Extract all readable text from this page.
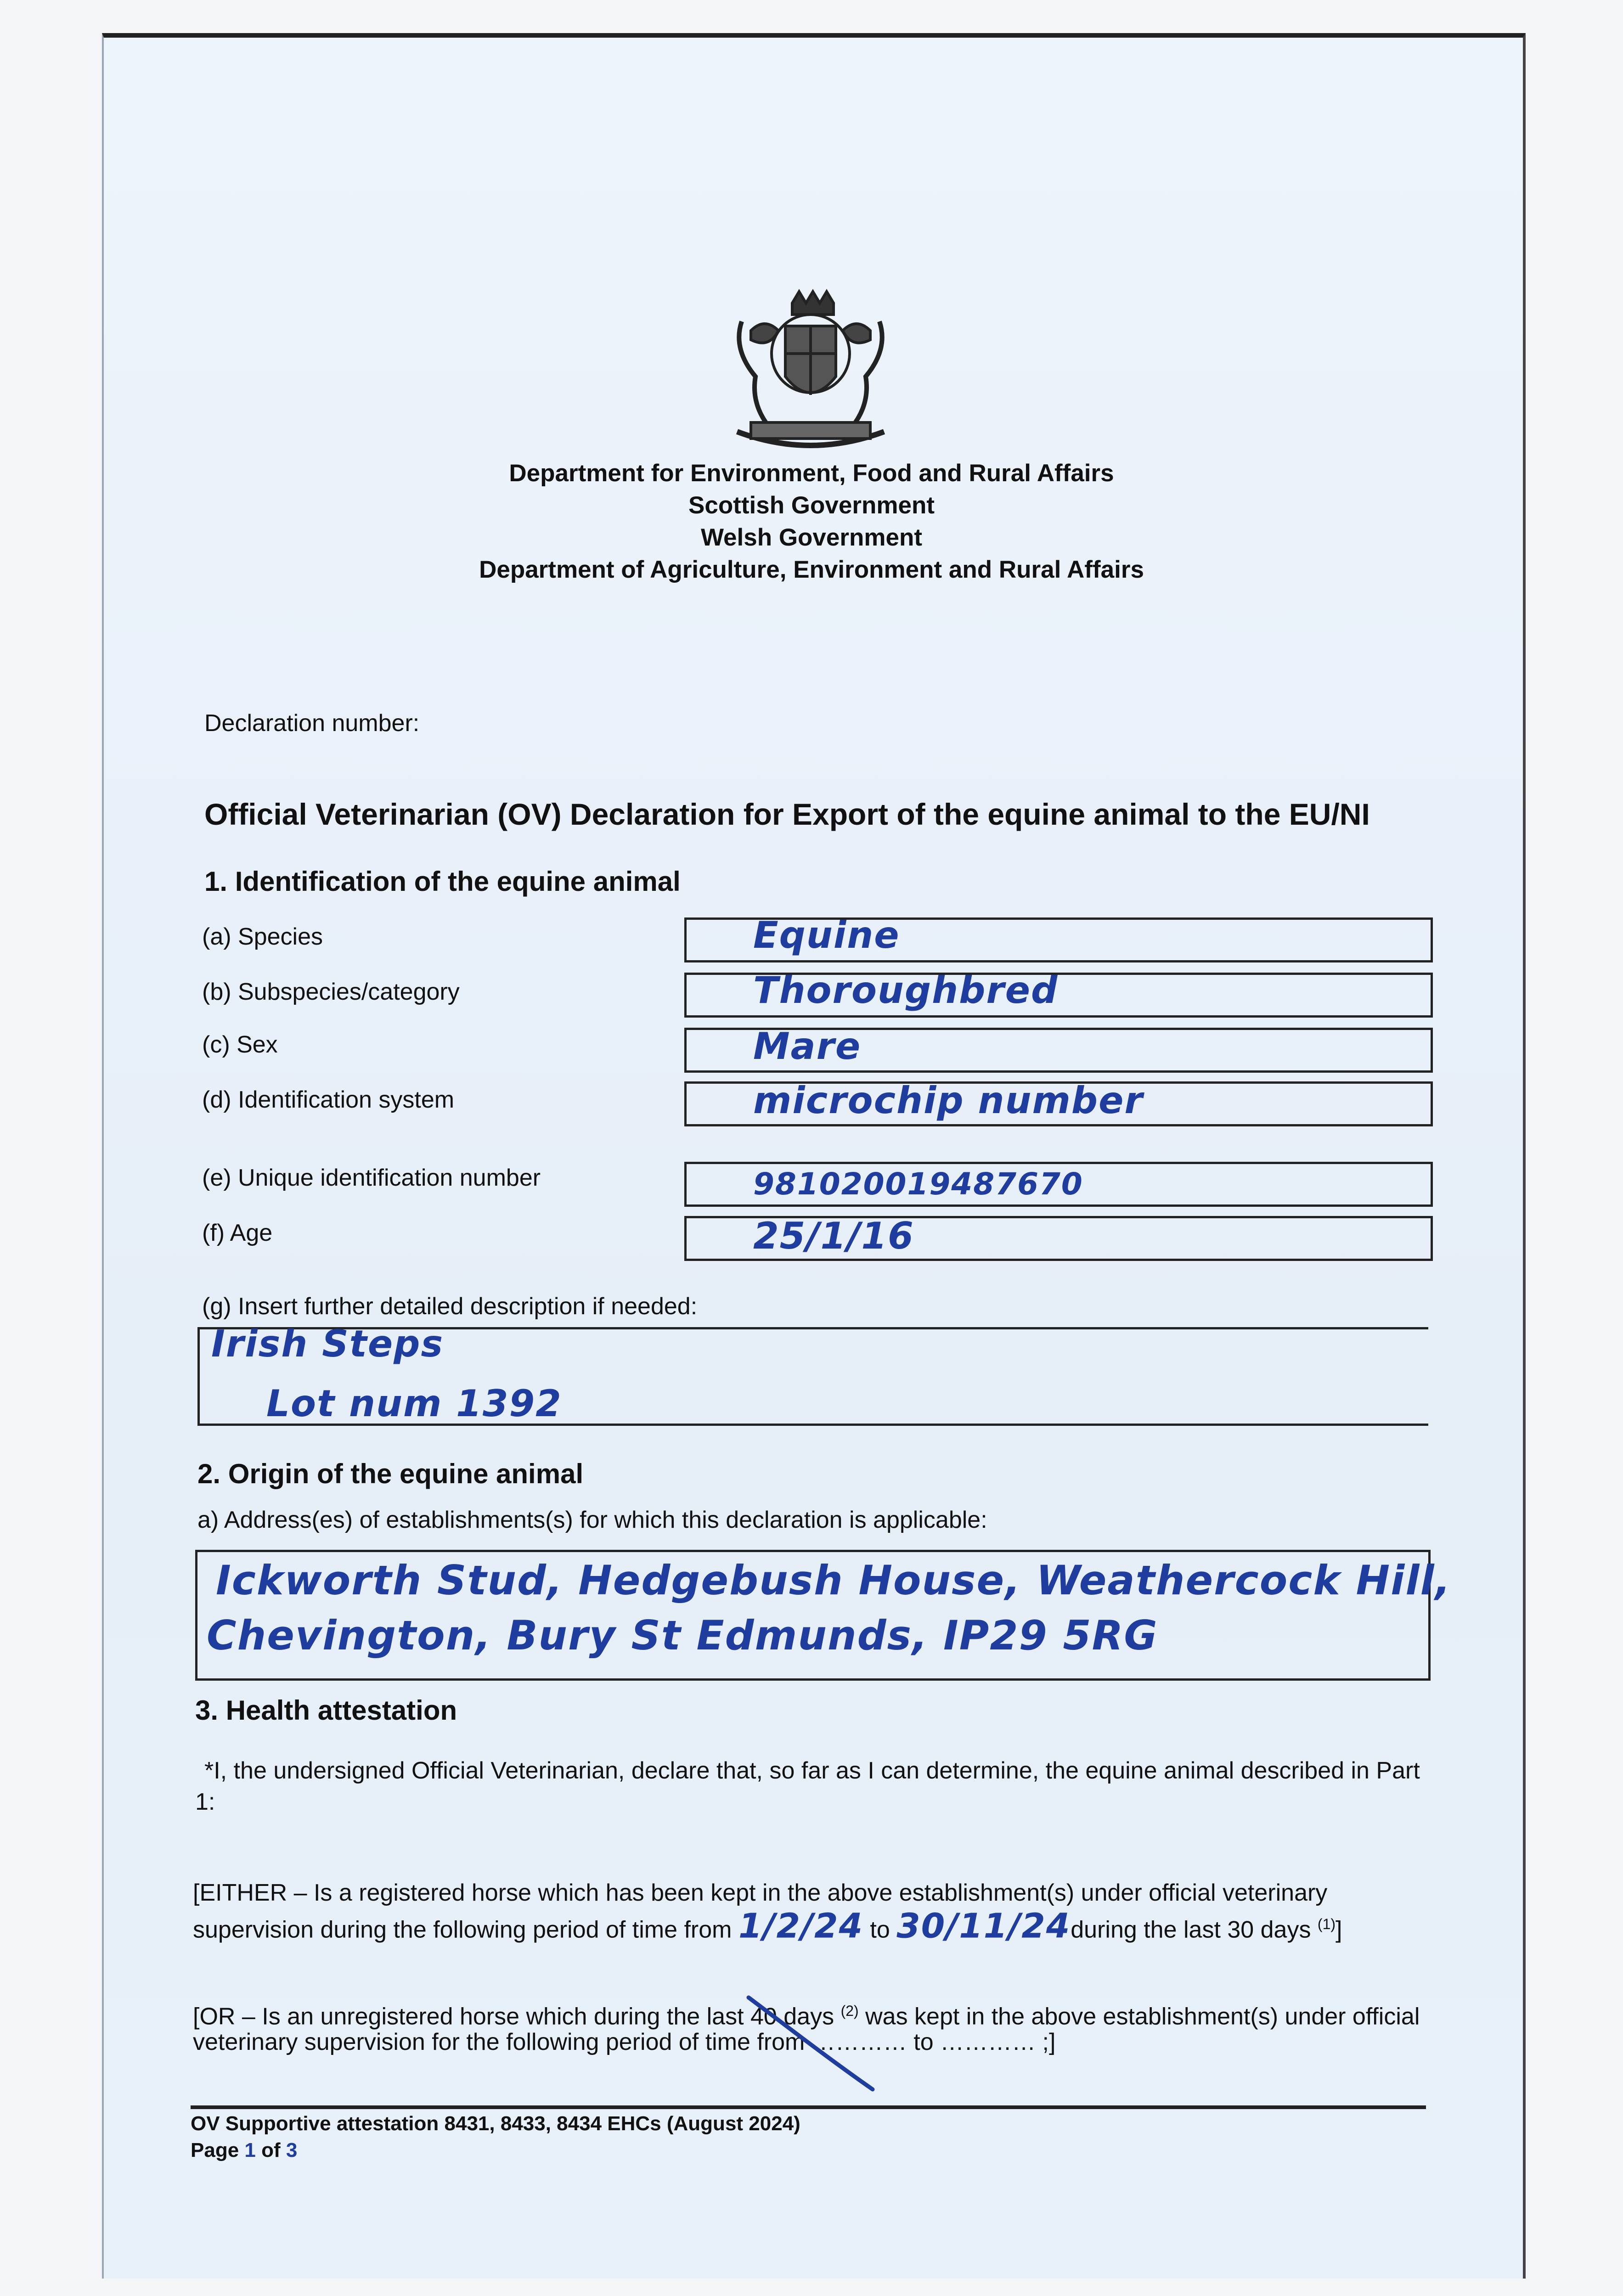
Department for Environment, Food and Rural Affairs
Scottish Government
Welsh Government
Department of Agriculture, Environment and Rural Affairs
Declaration number:
Official Veterinarian (OV) Declaration for Export of the equine animal to the EU/NI
1. Identification of the equine animal
(a) Species	Equine
(b) Subspecies/category	Thoroughbred
(c) Sex	Mare
(d) Identification system	microchip number
(e) Unique identification number	981020019487670
(f) Age	25/1/16
(g) Insert further detailed description if needed:
Irish Steps
Lot num 1392
2. Origin of the equine animal
a) Address(es) of establishments(s) for which this declaration is applicable:
Ickworth Stud, Hedgebush House, Weathercock Hill,
Chevington, Bury St Edmunds, IP29 5RG
3. Health attestation
*I, the undersigned Official Veterinarian, declare that, so far as I can determine, the equine animal described in Part 1:
[EITHER – Is a registered horse which has been kept in the above establishment(s) under official veterinary
supervision during the following period of time from 1/2/24 to 30/11/24during the last 30 days $^{(1)}$]
[OR – Is an unregistered horse which during the last 40 days $^{(2)}$ was kept in the above establishment(s) under official
veterinary supervision for the following period of time from ………… to ………… ;]
OV Supportive attestation 8431, 8433, 8434 EHCs (August 2024)
Page 1 of 3
